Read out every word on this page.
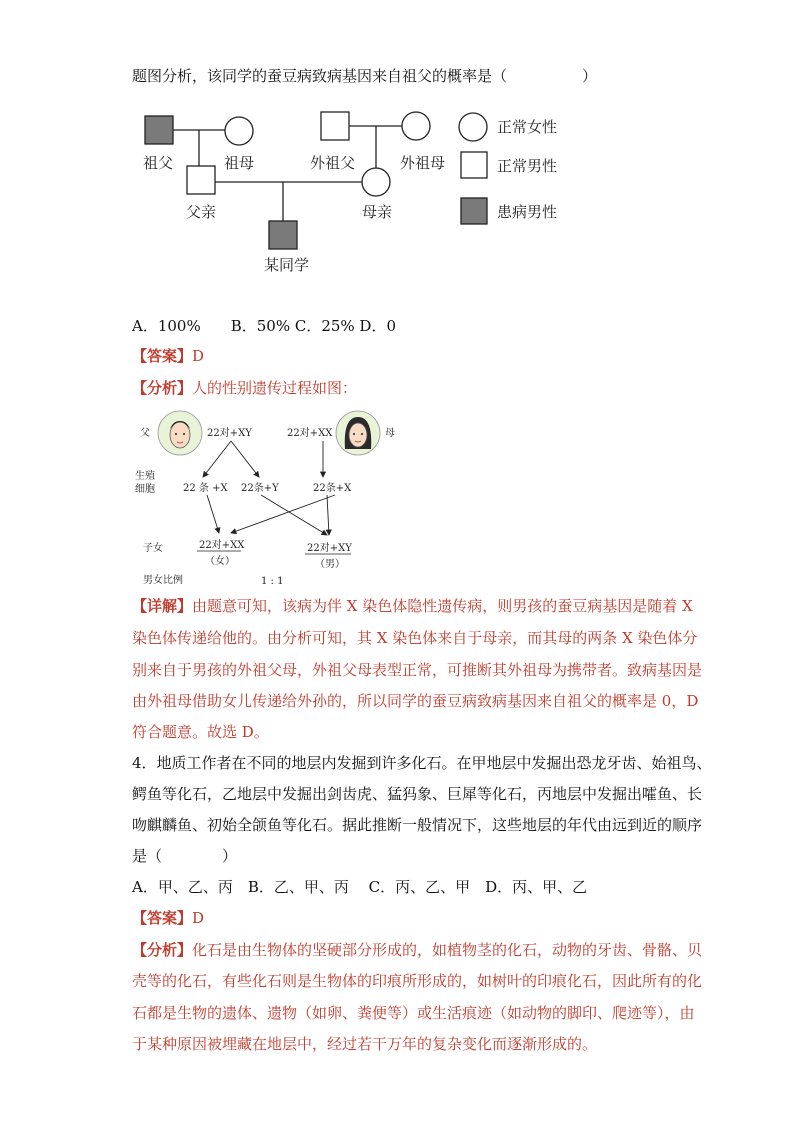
题图分析，该同学的蚕豆病致病基因来自祖父的概率是（　　　　　）
祖父	祖母	外祖父	外祖母
父亲	母亲
某同学
正常女性
正常男性
患病男性
A．100%　　B．50% C．25% D．0
【答案】D
【分析】人的性别遗传过程如图：
父	母
22对+XY	22对+XX
生殖
细胞	22 条 +X 22条+Y	22条+X
子女	22对+XX
（女）
22对+XY
（男）
男女比例	1 : 1
【详解】由题意可知，该病为伴 X 染色体隐性遗传病，则男孩的蚕豆病基因是随着 X
染色体传递给他的。由分析可知，其 X 染色体来自于母亲，而其母的两条 X 染色体分
别来自于男孩的外祖父母，外祖父母表型正常，可推断其外祖母为携带者。致病基因是
由外祖母借助女儿传递给外孙的，所以同学的蚕豆病致病基因来自祖父的概率是 0，D
符合题意。故选 D。
4．地质工作者在不同的地层内发掘到许多化石。在甲地层中发掘出恐龙牙齿、始祖鸟、
鳄鱼等化石，乙地层中发掘出剑齿虎、猛犸象、巨犀等化石，丙地层中发掘出嚯鱼、长
吻麒麟鱼、初始全颌鱼等化石。据此推断一般情况下，这些地层的年代由远到近的顺序
是（　　　　）
A．甲、乙、丙　B．乙、甲、丙　 C．丙、乙、甲　D．丙、甲、乙
【答案】D
【分析】化石是由生物体的坚硬部分形成的，如植物茎的化石，动物的牙齿、骨骼、贝
壳等的化石，有些化石则是生物体的印痕所形成的，如树叶的印痕化石，因此所有的化
石都是生物的遗体、遗物（如卵、粪便等）或生活痕迹（如动物的脚印、爬迹等），由
于某种原因被埋藏在地层中，经过若干万年的复杂变化而逐渐形成的。
